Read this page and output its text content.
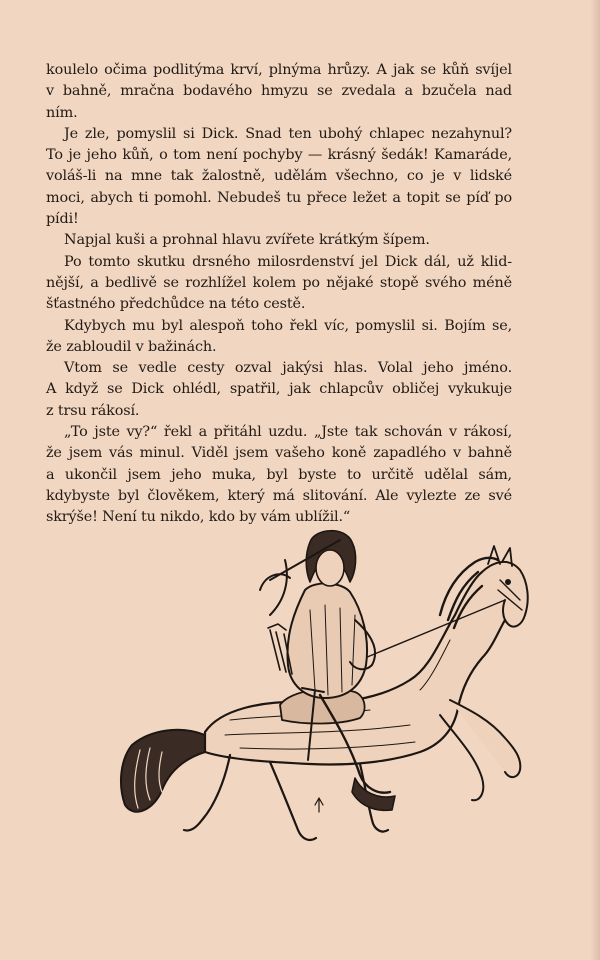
koulelo očima podlitýma krví, plnýma hrůzy. A jak se kůň svíjel
v bahně, mračna bodavého hmyzu se zvedala a bzučela nad
ním.

Je zle, pomyslil si Dick. Snad ten ubohý chlapec nezahynul?
To je jeho kůň, o tom není pochyby — krásný šedák! Kamaráde,
voláš-li na mne tak žalostně, udělám všechno, co je v lidské
moci, abych ti pomohl. Nebudeš tu přece ležet a topit se píď po
pídi!

Napjal kuši a prohnal hlavu zvířete krátkým šípem.

Po tomto skutku drsného milosrdenství jel Dick dál, už klid-
nější, a bedlivě se rozhlížel kolem po nějaké stopě svého méně
šťastného předchůdce na této cestě.

Kdybych mu byl alespoň toho řekl víc, pomyslil si. Bojím se,
že zabloudil v bažinách.

Vtom se vedle cesty ozval jakýsi hlas. Volal jeho jméno.
A když se Dick ohlédl, spatřil, jak chlapcův obličej vykukuje
z trsu rákosí.

„To jste vy?“ řekl a přitáhl uzdu. „Jste tak schován v rákosí,
že jsem vás minul. Viděl jsem vašeho koně zapadlého v bahně
a ukončil jsem jeho muka, byl byste to určitě udělal sám,
kdybyste byl člověkem, který má slitování. Ale vylezte ze své
skrýše! Není tu nikdo, kdo by vám ublížil.“
